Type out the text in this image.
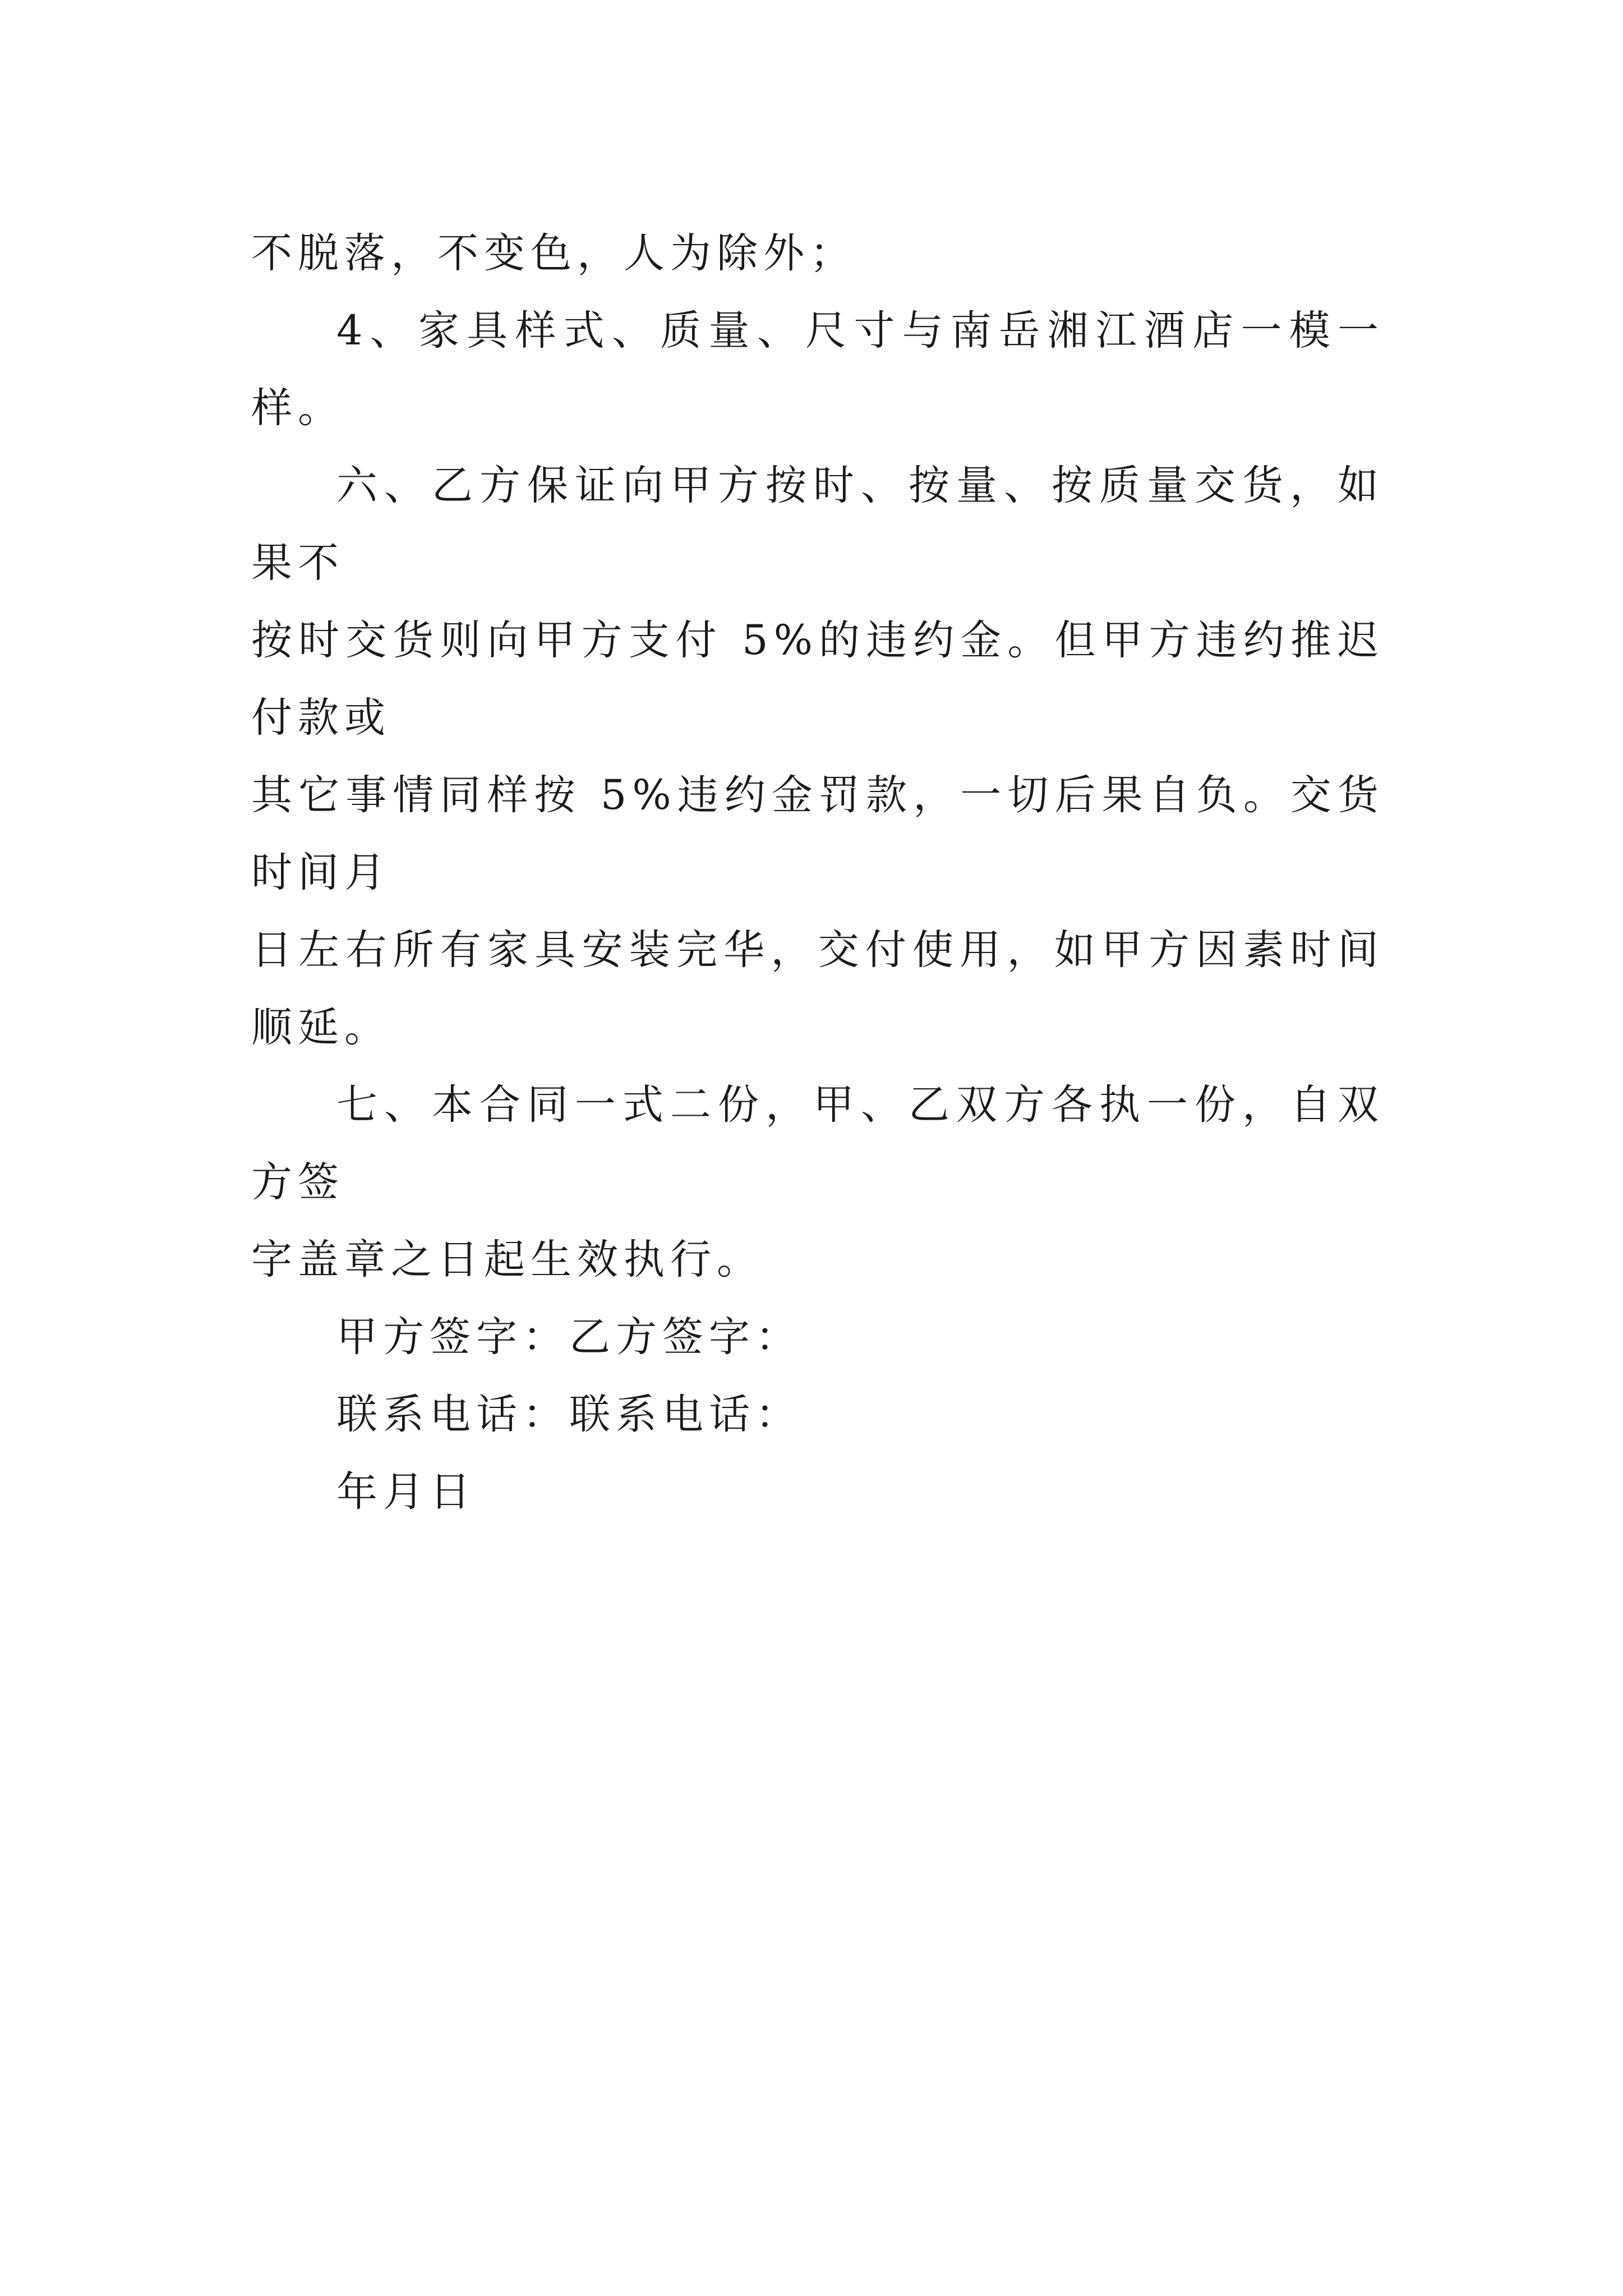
不脱落，不变色，人为除外；

4、家具样式、质量、尺寸与南岳湘江酒店一模一样。

六、乙方保证向甲方按时、按量、按质量交货，如果不
按时交货则向甲方支付 5%的违约金。但甲方违约推迟付款或
其它事情同样按 5%违约金罚款，一切后果自负。交货时间月
日左右所有家具安装完华，交付使用，如甲方因素时间顺延。

七、本合同一式二份，甲、乙双方各执一份，自双方签
字盖章之日起生效执行。

甲方签字：乙方签字：

联系电话：联系电话：

年月日
